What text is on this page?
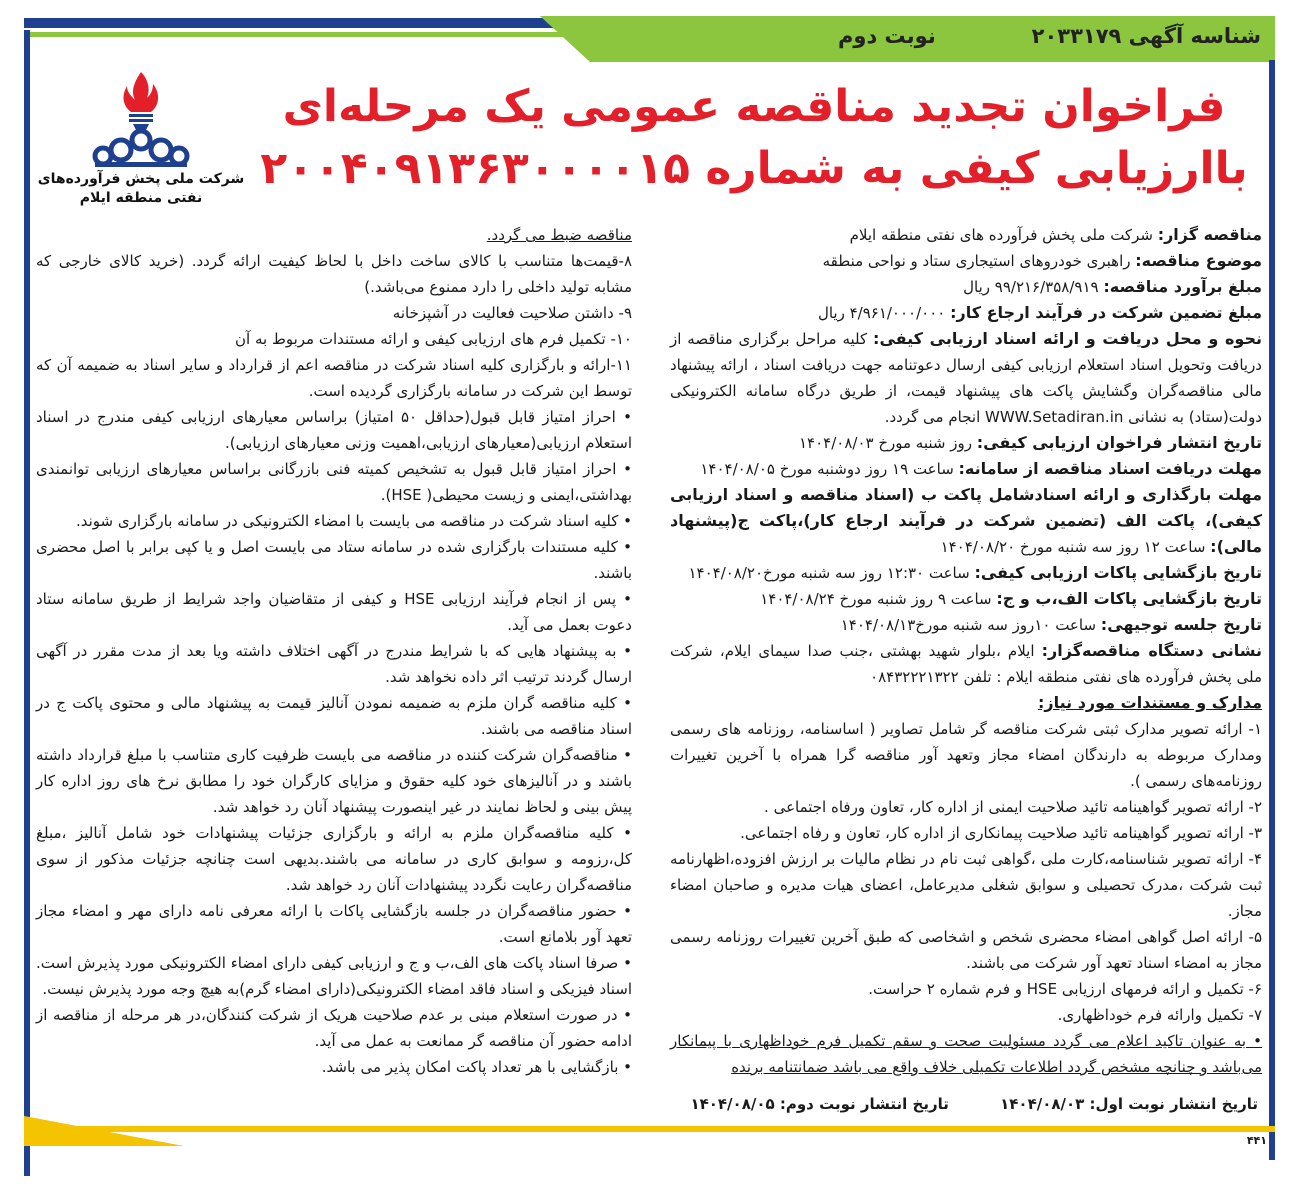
شناسه آگهی ۲۰۳۳۱۷۹
نوبت دوم
شرکت ملی پخش فرآورده‌های
نفتی منطقه ایلام
فراخوان تجدید مناقصه عمومی یک مرحله‌ای
باارزیابی کیفی به شماره ۲۰۰۴۰۹۱۳۶۳۰۰۰۰۱۵

مناقصه ضبط می گردد.

۸-قیمت‌ها متناسب با کالای ساخت داخل با لحاظ کیفیت ارائه گردد. (خرید کالای خارجی که مشابه تولید داخلی را دارد ممنوع می‌باشد.)

۹- داشتن صلاحیت فعالیت در آشپزخانه

۱۰- تکمیل فرم های ارزیابی کیفی و ارائه مستندات مربوط به آن

۱۱-ارائه و بارگزاری کلیه اسناد شرکت در مناقصه اعم از قرارداد و سایر اسناد به ضمیمه آن که توسط این شرکت در سامانه بارگزاری گردیده است.

• احراز امتیاز قابل قبول(حداقل ۵۰ امتیاز) براساس معیارهای ارزیابی کیفی مندرج در اسناد استعلام ارزیابی(معیارهای ارزیابی،اهمیت وزنی معیارهای ارزیابی).

• احراز امتیاز قابل قبول به تشخیص کمیته فنی بازرگانی براساس معیارهای ارزیابی توانمندی بهداشتی،ایمنی و زیست محیطی( HSE).

• کلیه اسناد شرکت در مناقصه می بایست با امضاء الکترونیکی در سامانه بارگزاری شوند.

• کلیه مستندات بارگزاری شده در سامانه ستاد می بایست اصل و یا کپی برابر با اصل محضری باشند.

• پس از انجام فرآیند ارزیابی HSE و کیفی از متقاضیان واجد شرایط از طریق سامانه ستاد دعوت بعمل می آید.

• به پیشنهاد هایی که با شرایط مندرج در آگهی اختلاف داشته ویا بعد از مدت مقرر در آگهی ارسال گردند ترتیب اثر داده نخواهد شد.

• کلیه مناقصه گران ملزم به ضمیمه نمودن آنالیز قیمت به پیشنهاد مالی و محتوی پاکت ج در اسناد مناقصه می باشند.

• مناقصه‌گران شرکت کننده در مناقصه می بایست ظرفیت کاری متناسب با مبلغ قرارداد داشته باشند و در آنالیزهای خود کلیه حقوق و مزایای کارگران خود را مطابق نرخ های روز اداره کار پیش بینی و لحاظ نمایند در غیر اینصورت پیشنهاد آنان رد خواهد شد.

• کلیه مناقصه‌گران ملزم به ارائه و بارگزاری جزئیات پیشنهادات خود شامل آنالیز ،مبلغ کل،رزومه و سوابق کاری در سامانه می باشند.بدیهی است چنانچه جزئیات مذکور از سوی مناقصه‌گران رعایت نگردد پیشنهادات آنان رد خواهد شد.

• حضور مناقصه‌گران در جلسه بازگشایی پاکات با ارائه معرفی نامه دارای مهر و امضاء مجاز تعهد آور بلامانع است.

• صرفا اسناد پاکت های الف،ب و ج و ارزیابی کیفی دارای امضاء الکترونیکی مورد پذیرش است. اسناد فیزیکی و اسناد فاقد امضاء الکترونیکی(دارای امضاء گرم)به هیچ وجه مورد پذیرش نیست.

• در صورت استعلام مبنی بر عدم صلاحیت هریک از شرکت کنندگان،در هر مرحله از مناقصه از ادامه حضور آن مناقصه گر ممانعت به عمل می آید.

• بازگشایی با هر تعداد پاکت امکان پذیر می باشد.

مناقصه گزار: شرکت ملی پخش فرآورده های نفتی منطقه ایلام

موضوع مناقصه: راهبری خودروهای استیجاری ستاد و نواحی منطقه

مبلغ برآورد مناقصه: ۹۹/۲۱۶/۳۵۸/۹۱۹ ریال

مبلغ تضمین شرکت در فرآیند ارجاع کار: ۴/۹۶۱/۰۰۰/۰۰۰ ریال

نحوه و محل دریافت و ارائه اسناد ارزیابی کیفی: کلیه مراحل برگزاری مناقصه از دریافت وتحویل اسناد استعلام ارزیابی کیفی ارسال دعوتنامه جهت دریافت اسناد ، ارائه پیشنهاد مالی مناقصه‌گران وگشایش پاکت های پیشنهاد قیمت، از طریق درگاه سامانه الکترونیکی دولت(ستاد) به نشانی WWW.Setadiran.in انجام می گردد.

تاریخ انتشار فراخوان ارزیابی کیفی: روز شنبه مورخ ۱۴۰۴/۰۸/۰۳

مهلت دریافت اسناد مناقصه از سامانه: ساعت ۱۹ روز دوشنبه مورخ ۱۴۰۴/۰۸/۰۵

مهلت بارگذاری و ارائه اسنادشامل پاکت ب (اسناد مناقصه و اسناد ارزیابی کیفی)، پاکت الف (تضمین شرکت در فرآیند ارجاع کار)،پاکت ج(پیشنهاد مالی): ساعت ۱۲ روز سه شنبه مورخ ۱۴۰۴/۰۸/۲۰

تاریخ بازگشایی پاکات ارزیابی کیفی: ساعت ۱۲:۳۰ روز سه شنبه مورخ۱۴۰۴/۰۸/۲۰

تاریخ بازگشایی پاکات الف،ب و ج: ساعت ۹ روز شنبه مورخ ۱۴۰۴/۰۸/۲۴

تاریخ جلسه توجیهی: ساعت ۱۰روز سه شنبه مورخ۱۴۰۴/۰۸/۱۳

نشانی دستگاه مناقصه‌گزار: ایلام ،بلوار شهید بهشتی ،جنب صدا سیمای ایلام، شرکت ملی پخش فرآورده های نفتی منطقه ایلام : تلفن ۰۸۴۳۲۲۲۱۳۲۲

مدارک و مستندات مورد نیاز:

۱- ارائه تصویر مدارک ثبتی شرکت مناقصه گر شامل تصاویر ( اساسنامه، روزنامه های رسمی ومدارک مربوطه به دارندگان امضاء مجاز وتعهد آور مناقصه گرا همراه با آخرین تغییرات روزنامه‌های رسمی ).

۲- ارائه تصویر گواهینامه تائید صلاحیت ایمنی از اداره کار، تعاون ورفاه اجتماعی .

۳- ارائه تصویر گواهینامه تائید صلاحیت پیمانکاری از اداره کار، تعاون و رفاه اجتماعی.

۴- ارائه تصویر شناسنامه،کارت ملی ،گواهی ثبت نام در نظام مالیات بر ارزش افزوده،اظهارنامه ثبت شرکت ،مدرک تحصیلی و سوابق شغلی مدیرعامل، اعضای هیات مدیره و صاحبان امضاء مجاز.

۵- ارائه اصل گواهی امضاء محضری شخص و اشخاصی که طبق آخرین تغییرات روزنامه رسمی مجاز به امضاء اسناد تعهد آور شرکت می باشند.

۶- تکمیل و ارائه فرمهای ارزیابی HSE و فرم شماره ۲ حراست.

۷- تکمیل وارائه فرم خوداظهاری.

• به عنوان تاکید اعلام می گردد مسئولیت صحت و سقم تکمیل فرم خوداظهاری با پیمانکار می‌باشد و چنانچه مشخص گردد اطلاعات تکمیلی خلاف واقع می باشد ضمانتنامه برنده

تاریخ انتشار نوبت اول: ۱۴۰۴/۰۸/۰۳ تاریخ انتشار نوبت دوم: ۱۴۰۴/۰۸/۰۵
۴۴۱
